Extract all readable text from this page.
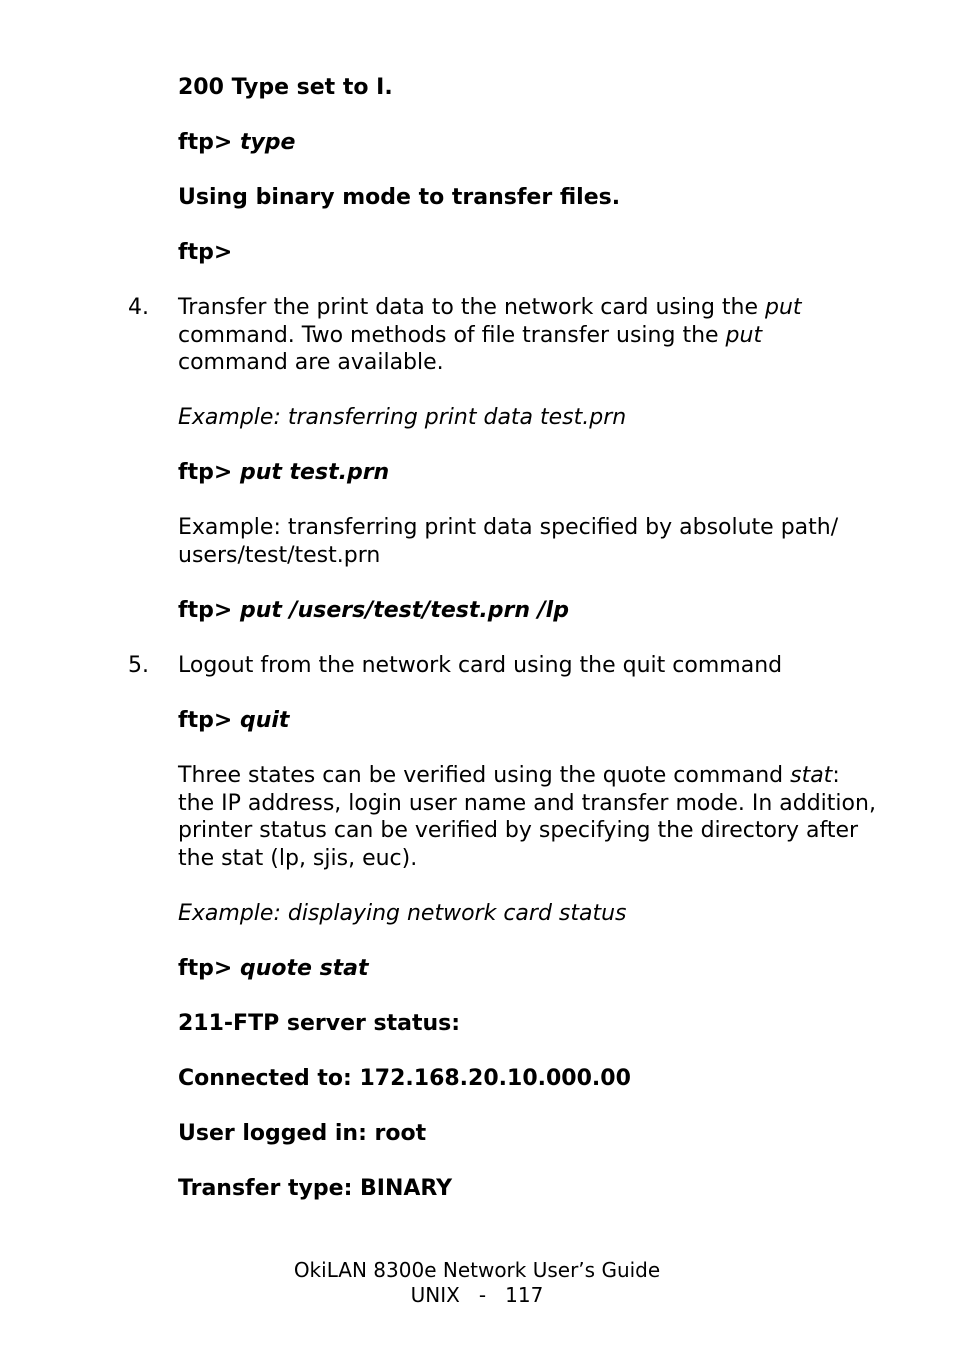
200 Type set to I.
ftp> type
Using binary mode to transfer files.
ftp>
4. Transfer the print data to the network card using the put command. Two methods of file transfer using the put command are available.
Example: transferring print data test.prn
ftp> put test.prn
Example: transferring print data specified by absolute path/ users/test/test.prn
ftp> put /users/test/test.prn /lp
5. Logout from the network card using the quit command
ftp> quit
Three states can be verified using the quote command stat: the IP address, login user name and transfer mode. In addition, printer status can be verified by specifying the directory after the stat (lp, sjis, euc).
Example: displaying network card status
ftp> quote stat
211-FTP server status:
Connected to: 172.168.20.10.000.00
User logged in: root
Transfer type: BINARY
OkiLAN 8300e Network User’s Guide
UNIX   -   117
